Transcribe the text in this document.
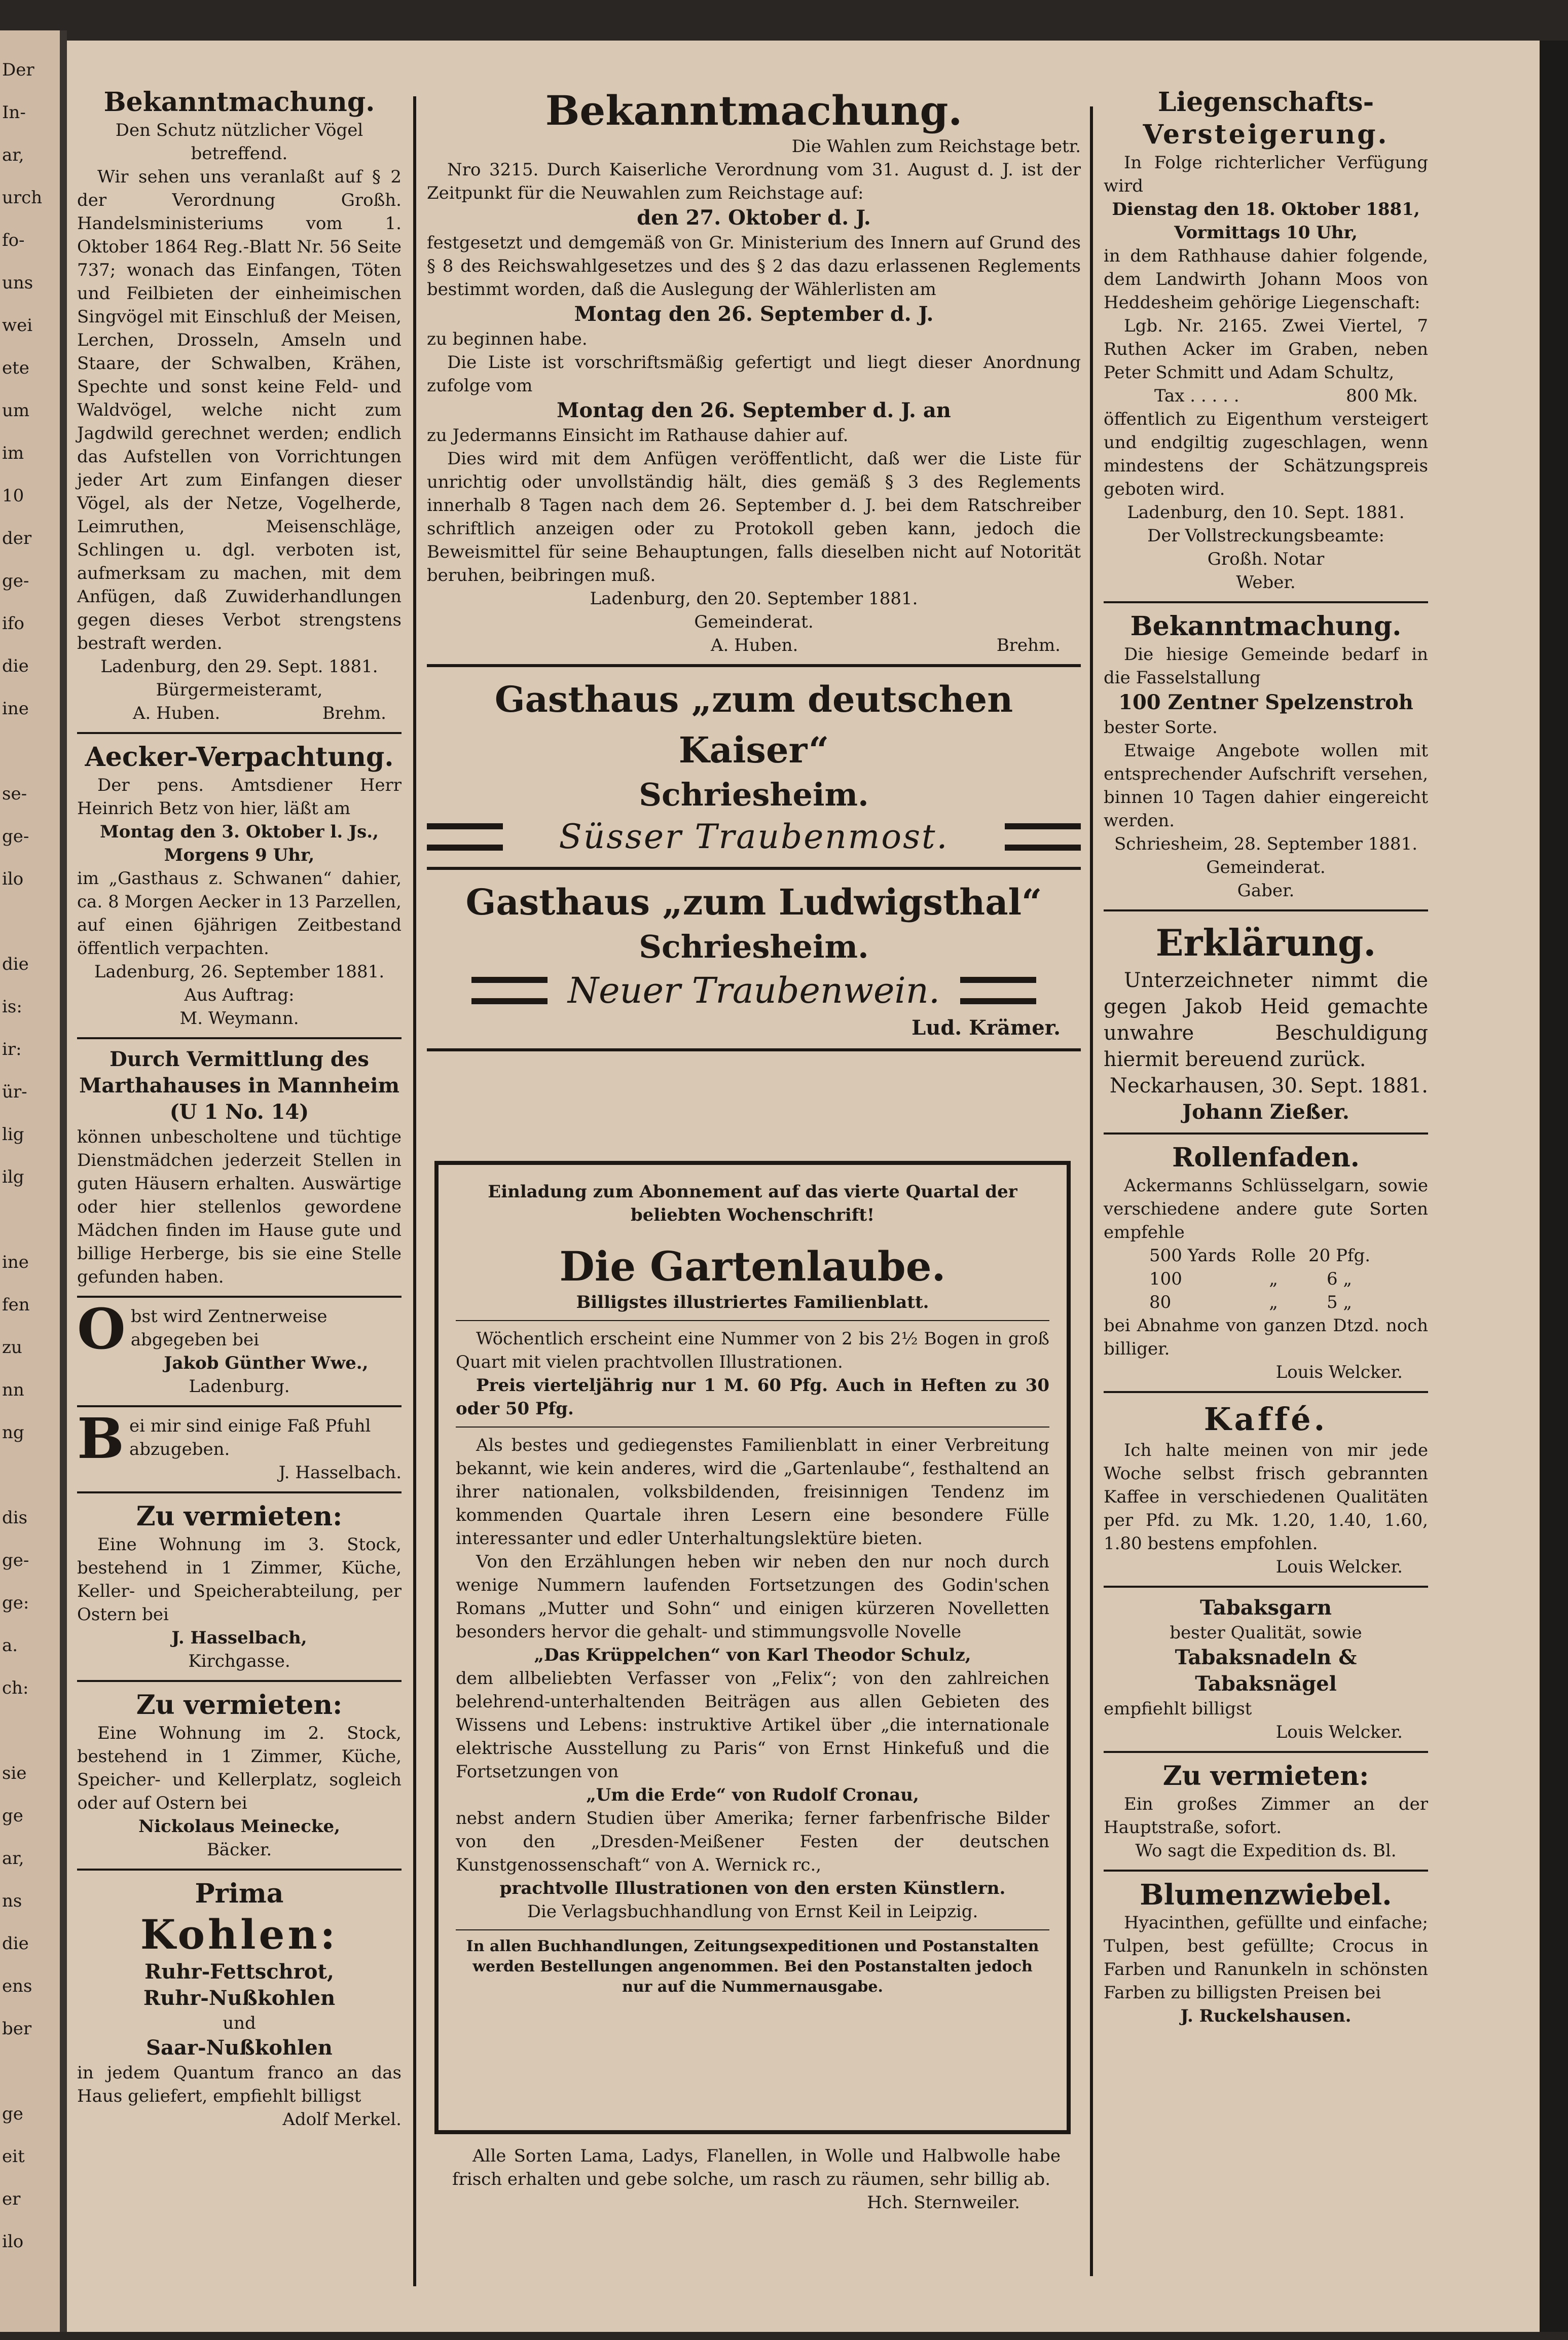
Der
In-
ar,
urch
fo-
uns
wei
ete
um
im
10
der
ge-
ifo
die
ine
se-
ge-
ilo
die
is:
ir:
ür-
lig
ilg
ine
fen
zu
nn
ng
dis
ge-
ge:
a.
ch:
sie
ge
ar,
ns
die
ens
ber
ge
eit
er
ilo
Bekanntmachung.

Den Schutz nützlicher Vögel betreffend.

Wir sehen uns veranlaßt auf § 2 der Verordnung Großh. Handelsministeriums vom 1. Oktober 1864 Reg.-Blatt Nr. 56 Seite 737; wonach das Einfangen, Töten und Feilbieten der einheimischen Singvögel mit Einschluß der Meisen, Lerchen, Drosseln, Amseln und Staare, der Schwalben, Krähen, Spechte und sonst keine Feld- und Waldvögel, welche nicht zum Jagdwild gerechnet werden; endlich das Aufstellen von Vorrichtungen jeder Art zum Einfangen dieser Vögel, als der Netze, Vogelherde, Leimruthen, Meisenschläge, Schlingen u. dgl. verboten ist, aufmerksam zu machen, mit dem Anfügen, daß Zuwiderhandlungen gegen dieses Verbot strengstens bestraft werden.

Ladenburg, den 29. Sept. 1881.

Bürgermeisteramt,

A. Huben.	Brehm.

Aecker-Verpachtung.

Der pens. Amtsdiener Herr Heinrich Betz von hier, läßt am

Montag den 3. Oktober l. Js., Morgens 9 Uhr,

im „Gasthaus z. Schwanen“ dahier, ca. 8 Morgen Aecker in 13 Parzellen, auf einen 6jährigen Zeitbestand öffentlich verpachten.

Ladenburg, 26. September 1881.

Aus Auftrag:

M. Weymann.

Durch Vermittlung des Marthahauses in Mannheim

(U 1 No. 14)

können unbescholtene und tüchtige Dienstmädchen jederzeit Stellen in guten Häusern erhalten. Auswärtige oder hier stellenlos gewordene Mädchen finden im Hause gute und billige Herberge, bis sie eine Stelle gefunden haben.

O bst wird Zentnerweise abgegeben bei

Jakob Günther Wwe.,

Ladenburg.

B ei mir sind einige Faß Pfuhl abzugeben.

J. Hasselbach.

Zu vermieten:

Eine Wohnung im 3. Stock, bestehend in 1 Zimmer, Küche, Keller- und Speicherabteilung, per Ostern bei

J. Hasselbach,

Kirchgasse.

Zu vermieten:

Eine Wohnung im 2. Stock, bestehend in 1 Zimmer, Küche, Speicher- und Kellerplatz, sogleich oder auf Ostern bei

Nickolaus Meinecke,

Bäcker.

Prima
Kohlen:

Ruhr-Fettschrot,

Ruhr-Nußkohlen

und

Saar-Nußkohlen

in jedem Quantum franco an das Haus geliefert, empfiehlt billigst

Adolf Merkel.

Bekanntmachung.

Die Wahlen zum Reichstage betr.

Nro 3215. Durch Kaiserliche Verordnung vom 31. August d. J. ist der Zeitpunkt für die Neuwahlen zum Reichstage auf:

den 27. Oktober d. J.

festgesetzt und demgemäß von Gr. Ministerium des Innern auf Grund des § 8 des Reichswahlgesetzes und des § 2 das dazu erlassenen Reglements bestimmt worden, daß die Auslegung der Wählerlisten am

Montag den 26. September d. J.

zu beginnen habe.

Die Liste ist vorschriftsmäßig gefertigt und liegt dieser Anordnung zufolge vom

Montag den 26. September d. J. an

zu Jedermanns Einsicht im Rathause dahier auf.

Dies wird mit dem Anfügen veröffentlicht, daß wer die Liste für unrichtig oder unvollständig hält, dies gemäß § 3 des Reglements innerhalb 8 Tagen nach dem 26. September d. J. bei dem Ratschreiber schriftlich anzeigen oder zu Protokoll geben kann, jedoch die Beweismittel für seine Behauptungen, falls dieselben nicht auf Notorität beruhen, beibringen muß.

Ladenburg, den 20. September 1881.

Gemeinderat.

A. Huben.	Brehm.

Gasthaus „zum deutschen Kaiser“
Schriesheim.
Süsser Traubenmost.
Gasthaus „zum Ludwigsthal“
Schriesheim.
Neuer Traubenwein.

Lud. Krämer.

Einladung zum Abonnement auf das vierte Quartal der beliebten Wochenschrift!

Die Gartenlaube.

Billigstes illustriertes Familienblatt.

Wöchentlich erscheint eine Nummer von 2 bis 2½ Bogen in groß Quart mit vielen prachtvollen Illustrationen.

Preis vierteljährig nur 1 M. 60 Pfg. Auch in Heften zu 30 oder 50 Pfg.

Als bestes und gediegenstes Familienblatt in einer Verbreitung bekannt, wie kein anderes, wird die „Gartenlaube“, festhaltend an ihrer nationalen, volksbildenden, freisinnigen Tendenz im kommenden Quartale ihren Lesern eine besondere Fülle interessanter und edler Unterhaltungslektüre bieten.

Von den Erzählungen heben wir neben den nur noch durch wenige Nummern laufenden Fortsetzungen des Godin'schen Romans „Mutter und Sohn“ und einigen kürzeren Novelletten besonders hervor die gehalt- und stimmungsvolle Novelle

„Das Krüppelchen“ von Karl Theodor Schulz,

dem allbeliebten Verfasser von „Felix“; von den zahlreichen belehrend-unterhaltenden Beiträgen aus allen Gebieten des Wissens und Lebens: instruktive Artikel über „die internationale elektrische Ausstellung zu Paris“ von Ernst Hinkefuß und die Fortsetzungen von

„Um die Erde“ von Rudolf Cronau,

nebst andern Studien über Amerika; ferner farbenfrische Bilder von den „Dresden-Meißener Festen der deutschen Kunstgenossenschaft“ von A. Wernick rc.,

prachtvolle Illustrationen von den ersten Künstlern.

Die Verlagsbuchhandlung von Ernst Keil in Leipzig.

In allen Buchhandlungen, Zeitungsexpeditionen und Postanstalten werden Bestellungen angenommen. Bei den Postanstalten jedoch nur auf die Nummernausgabe.

Alle Sorten Lama, Ladys, Flanellen, in Wolle und Halbwolle habe frisch erhalten und gebe solche, um rasch zu räumen, sehr billig ab.

Hch. Sternweiler.

Liegenschafts-
Versteigerung.

In Folge richterlicher Verfügung wird

Dienstag den 18. Oktober 1881, Vormittags 10 Uhr,

in dem Rathhause dahier folgende, dem Landwirth Johann Moos von Heddesheim gehörige Liegenschaft:

Lgb. Nr. 2165. Zwei Viertel, 7 Ruthen Acker im Graben, neben Peter Schmitt und Adam Schultz,

Tax . . . . .	800 Mk.

öffentlich zu Eigenthum versteigert und endgiltig zugeschlagen, wenn mindestens der Schätzungspreis geboten wird.

Ladenburg, den 10. Sept. 1881.

Der Vollstreckungsbeamte:

Großh. Notar

Weber.

Bekanntmachung.

Die hiesige Gemeinde bedarf in die Fasselstallung

100 Zentner Spelzenstroh

bester Sorte.

Etwaige Angebote wollen mit entsprechender Aufschrift versehen, binnen 10 Tagen dahier eingereicht werden.

Schriesheim, 28. September 1881.

Gemeinderat.

Gaber.

Erklärung.

Unterzeichneter nimmt die gegen Jakob Heid gemachte unwahre Beschuldigung hiermit bereuend zurück.

Neckarhausen, 30. Sept. 1881.

Johann Zießer.

Rollenfaden.

Ackermanns Schlüsselgarn, sowie verschiedene andere gute Sorten empfehle

500 Yards Rolle 20 Pfg.

100	„	6 „

80	„	5 „

bei Abnahme von ganzen Dtzd. noch billiger.

Louis Welcker.

Kaffé.

Ich halte meinen von mir jede Woche selbst frisch gebrannten Kaffee in verschiedenen Qualitäten per Pfd. zu Mk. 1.20, 1.40, 1.60, 1.80 bestens empfohlen.

Louis Welcker.

Tabaksgarn

bester Qualität, sowie

Tabaksnadeln &

Tabaksnägel

empfiehlt billigst

Louis Welcker.

Zu vermieten:

Ein großes Zimmer an der Hauptstraße, sofort.

Wo sagt die Expedition ds. Bl.

Blumenzwiebel.

Hyacinthen, gefüllte und einfache; Tulpen, best gefüllte; Crocus in Farben und Ranunkeln in schönsten Farben zu billigsten Preisen bei

J. Ruckelshausen.
